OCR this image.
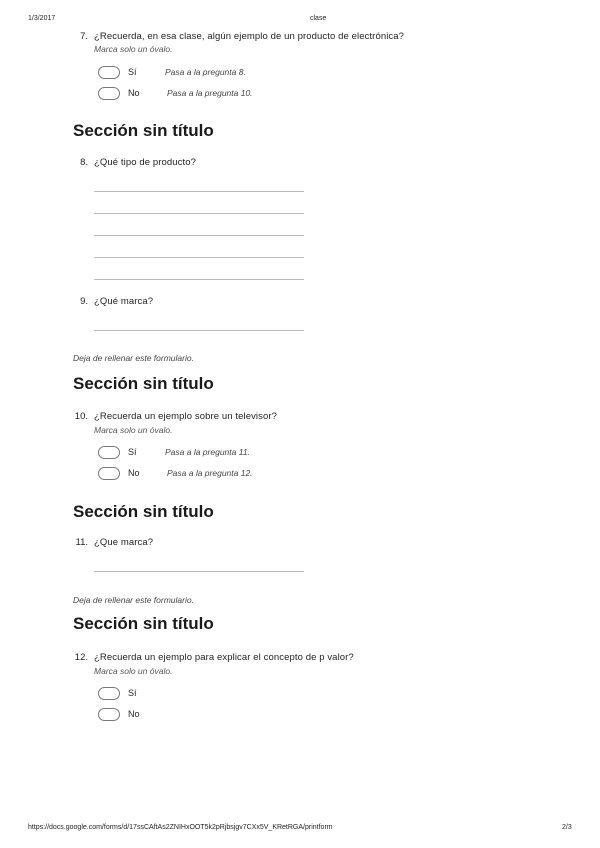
1/3/2017	clase
https://docs.google.com/forms/d/17ssCAftAs2ZNIHxOOT5k2pRjbsjgv7CXx5V_KRetRGA/printform	2/3
7. ¿Recuerda, en esa clase, algún ejemplo de un producto de electrónica?
Marca solo un óvalo.
Sí	Pasa a la pregunta 8.
No	Pasa a la pregunta 10.
Sección sin título
8. ¿Qué tipo de producto?
9. ¿Qué marca?
Deja de rellenar este formulario.
Sección sin título
10. ¿Recuerda un ejemplo sobre un televisor?
Marca solo un óvalo.
Sí	Pasa a la pregunta 11.
No	Pasa a la pregunta 12.
Sección sin título
11. ¿Que marca?
Deja de rellenar este formulario.
Sección sin título
12. ¿Recuerda un ejemplo para explicar el concepto de p valor?
Marca solo un óvalo.
Sí
No
